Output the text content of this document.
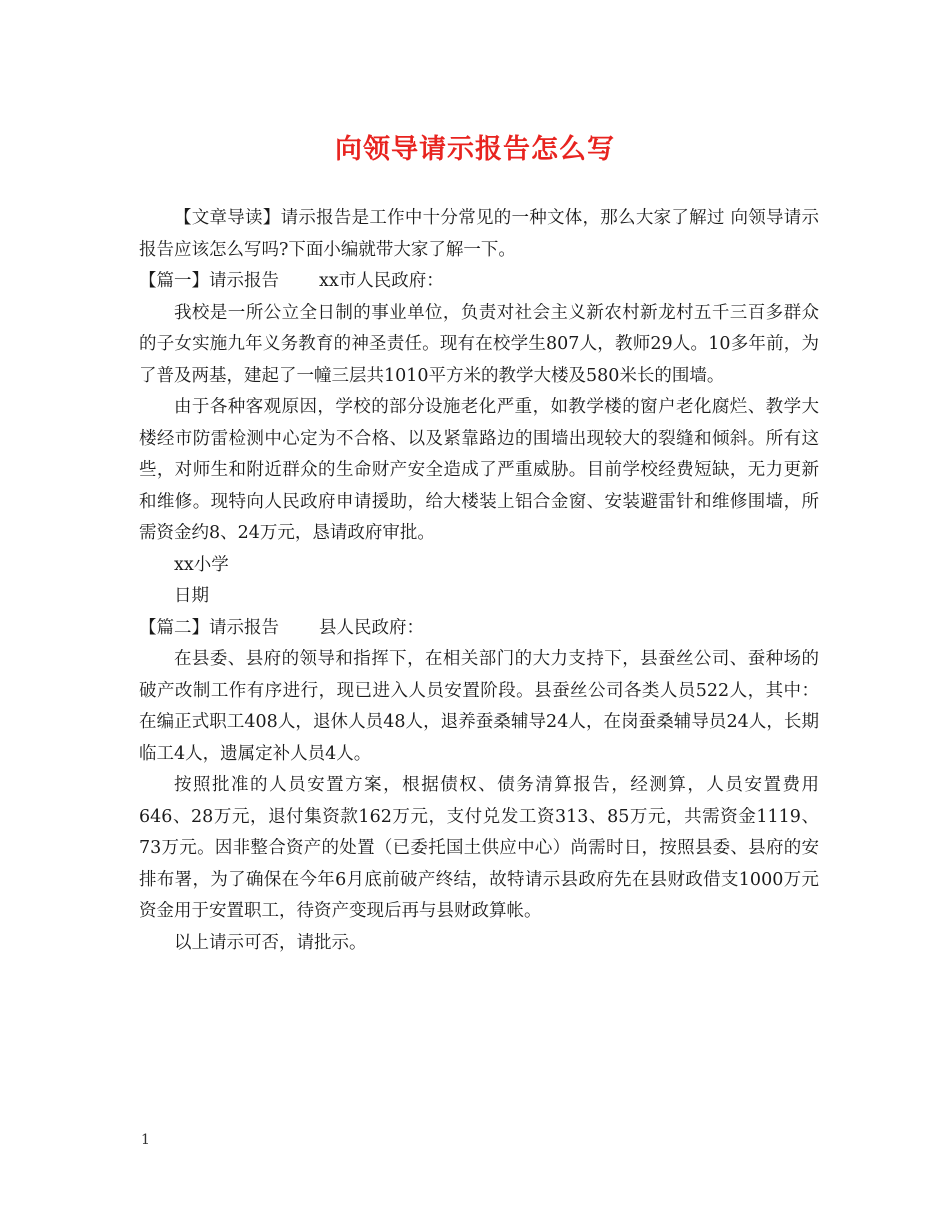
向领导请示报告怎么写

【文章导读】请示报告是工作中十分常见的一种文体，那么大家了解过 向领导请示报告应该怎么写吗?下面小编就带大家了解一下。

【篇一】请示报告 xx市人民政府：

我校是一所公立全日制的事业单位，负责对社会主义新农村新龙村五千三百多群众的子女实施九年义务教育的神圣责任。现有在校学生807人，教师29人。10多年前，为了普及两基，建起了一幢三层共1010平方米的教学大楼及580米长的围墙。

由于各种客观原因，学校的部分设施老化严重，如教学楼的窗户老化腐烂、教学大楼经市防雷检测中心定为不合格、以及紧靠路边的围墙出现较大的裂缝和倾斜。所有这些，对师生和附近群众的生命财产安全造成了严重威胁。目前学校经费短缺，无力更新和维修。现特向人民政府申请援助，给大楼装上铝合金窗、安装避雷针和维修围墙，所需资金约8、24万元，恳请政府审批。

xx小学

日期

【篇二】请示报告 县人民政府：

在县委、县府的领导和指挥下，在相关部门的大力支持下，县蚕丝公司、蚕种场的破产改制工作有序进行，现已进入人员安置阶段。县蚕丝公司各类人员522人，其中：在编正式职工408人，退休人员48人，退养蚕桑辅导24人，在岗蚕桑辅导员24人，长期临工4人，遗属定补人员4人。

按照批准的人员安置方案，根据债权、债务清算报告，经测算，人员安置费用646、28万元，退付集资款162万元，支付兑发工资313、85万元，共需资金1119、73万元。因非整合资产的处置（已委托国土供应中心）尚需时日，按照县委、县府的安排布署，为了确保在今年6月底前破产终结，故特请示县政府先在县财政借支1000万元资金用于安置职工，待资产变现后再与县财政算帐。

以上请示可否，请批示。

1
